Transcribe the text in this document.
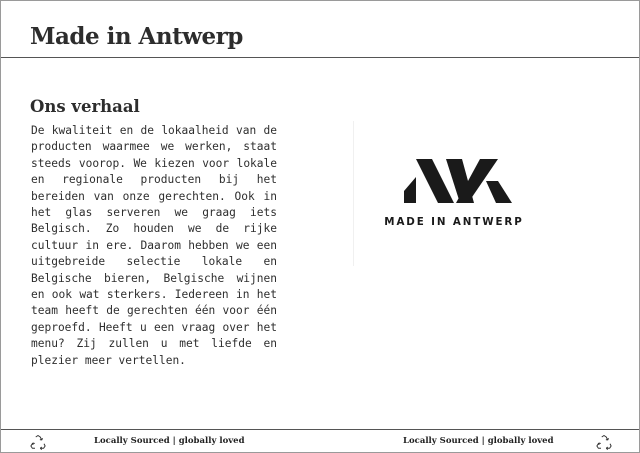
Made in Antwerp
Ons verhaal

De kwaliteit en de lokaalheid van de producten waarmee we werken, staat steeds voorop. We kiezen voor lokale en regionale producten bij het bereiden van onze gerechten. Ook in het glas serveren we graag iets Belgisch. Zo houden we de rijke cultuur in ere. Daarom hebben we een uitgebreide selectie lokale en Belgische bieren, Belgische wijnen en ook wat sterkers. Iedereen in het team heeft de gerechten één voor één geproefd. Heeft u een vraag over het menu? Zij zullen u met liefde en plezier meer vertellen.

MADE IN ANTWERP
Locally Sourced | globally loved	Locally Sourced | globally loved
